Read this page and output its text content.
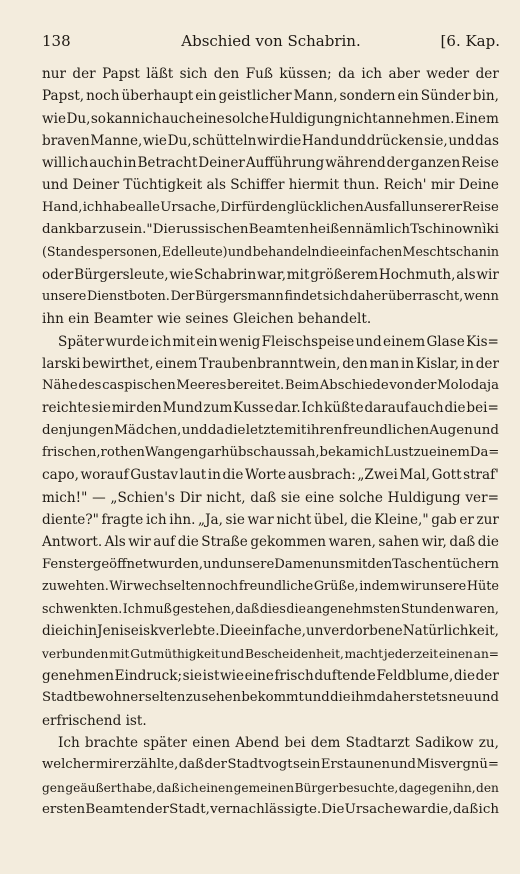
138	Abschied von Schabrin.	[6. Kap.
nur der Papst läßt sich den Fuß küssen; da ich aber weder der
Papst, noch überhaupt ein geistlicher Mann, sondern ein Sünder bin,
wie Du, so kann ich auch eine solche Huldigung nicht annehmen. Einem
braven Manne, wie Du, schütteln wir die Hand und drücken sie, und das
will ich auch in Betracht Deiner Aufführung während der ganzen Reise
und Deiner Tüchtigkeit als Schiffer hiermit thun. Reich' mir Deine
Hand, ich habe alle Ursache, Dir für den glücklichen Ausfall unserer Reise
dankbar zu sein." Die russischen Beamten heißen nämlich Tschinownìki
(Standespersonen, Edelleute) und behandeln die einfachen Meschtschanin
oder Bürgersleute, wie Schabrin war, mit größerem Hochmuth, als wir
unsere Dienstboten. Der Bürgersmann findet sich daher überrascht, wenn
ihn ein Beamter wie seines Gleichen behandelt.
Später wurde ich mit ein wenig Fleischspeise und einem Glase Kis=
larski bewirthet, einem Traubenbranntwein, den man in Kislar, in der
Nähe des caspischen Meeres bereitet. Beim Abschiede von der Molodaja
reichte sie mir den Mund zum Kusse dar. Ich küßte darauf auch die bei=
den jungen Mädchen, und da die letzte mit ihren freundlichen Augen und
frischen, rothen Wangen gar hübsch aussah, bekam ich Lust zu einem Da=
capo, worauf Gustav laut in die Worte ausbrach: „Zwei Mal, Gott straf'
mich!" — „Schien's Dir nicht, daß sie eine solche Huldigung ver=
diente?" fragte ich ihn. „Ja, sie war nicht übel, die Kleine," gab er zur
Antwort. Als wir auf die Straße gekommen waren, sahen wir, daß die
Fenster geöffnet wurden, und unsere Damen uns mit den Taschentüchern
zuwehten. Wir wechselten noch freundliche Grüße, indem wir unsere Hüte
schwenkten. Ich muß gestehen, daß dies die angenehmsten Stunden waren,
die ich in Jeniseisk verlebte. Die einfache, unverdorbene Natürlichkeit,
verbunden mit Gutmüthigkeit und Bescheidenheit, macht jederzeit einen an=
genehmen Eindruck; sie ist wie eine frisch duftende Feldblume, die der
Stadtbewohner selten zu sehen bekommt und die ihm daher stets neu und
erfrischend ist.
Ich brachte später einen Abend bei dem Stadtarzt Sadikow zu,
welcher mir erzählte, daß der Stadtvogt sein Erstaunen und Misvergnü=
gen geäußert habe, daß ich einen gemeinen Bürger besuchte, dagegen ihn, den
ersten Beamten der Stadt, vernachlässigte. Die Ursache war die, daß ich
